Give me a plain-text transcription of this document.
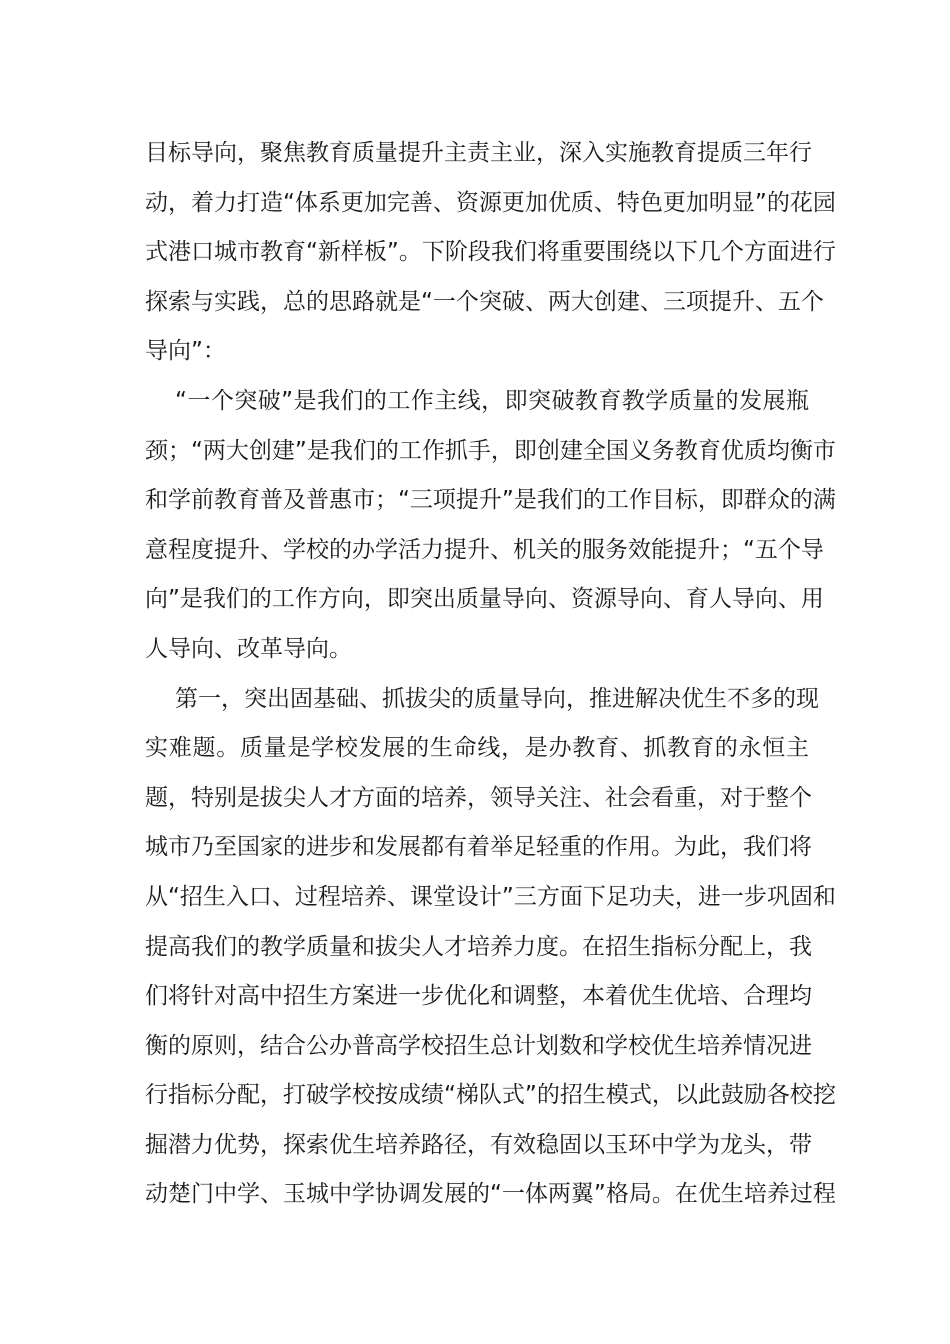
目标导向，聚焦教育质量提升主责主业，深入实施教育提质三年行
动，着力打造“体系更加完善、资源更加优质、特色更加明显”的花园
式港口城市教育“新样板”。下阶段我们将重要围绕以下几个方面进行
探索与实践，总的思路就是“一个突破、两大创建、三项提升、五个
导向”：
“一个突破”是我们的工作主线，即突破教育教学质量的发展瓶
颈；“两大创建”是我们的工作抓手，即创建全国义务教育优质均衡市
和学前教育普及普惠市；“三项提升”是我们的工作目标，即群众的满
意程度提升、学校的办学活力提升、机关的服务效能提升；“五个导
向”是我们的工作方向，即突出质量导向、资源导向、育人导向、用
人导向、改革导向。
第一，突出固基础、抓拔尖的质量导向，推进解决优生不多的现
实难题。质量是学校发展的生命线，是办教育、抓教育的永恒主
题，特别是拔尖人才方面的培养，领导关注、社会看重，对于整个
城市乃至国家的进步和发展都有着举足轻重的作用。为此，我们将
从“招生入口、过程培养、课堂设计”三方面下足功夫，进一步巩固和
提高我们的教学质量和拔尖人才培养力度。在招生指标分配上，我
们将针对高中招生方案进一步优化和调整，本着优生优培、合理均
衡的原则，结合公办普高学校招生总计划数和学校优生培养情况进
行指标分配，打破学校按成绩“梯队式”的招生模式，以此鼓励各校挖
掘潜力优势，探索优生培养路径，有效稳固以玉环中学为龙头，带
动楚门中学、玉城中学协调发展的“一体两翼”格局。在优生培养过程
